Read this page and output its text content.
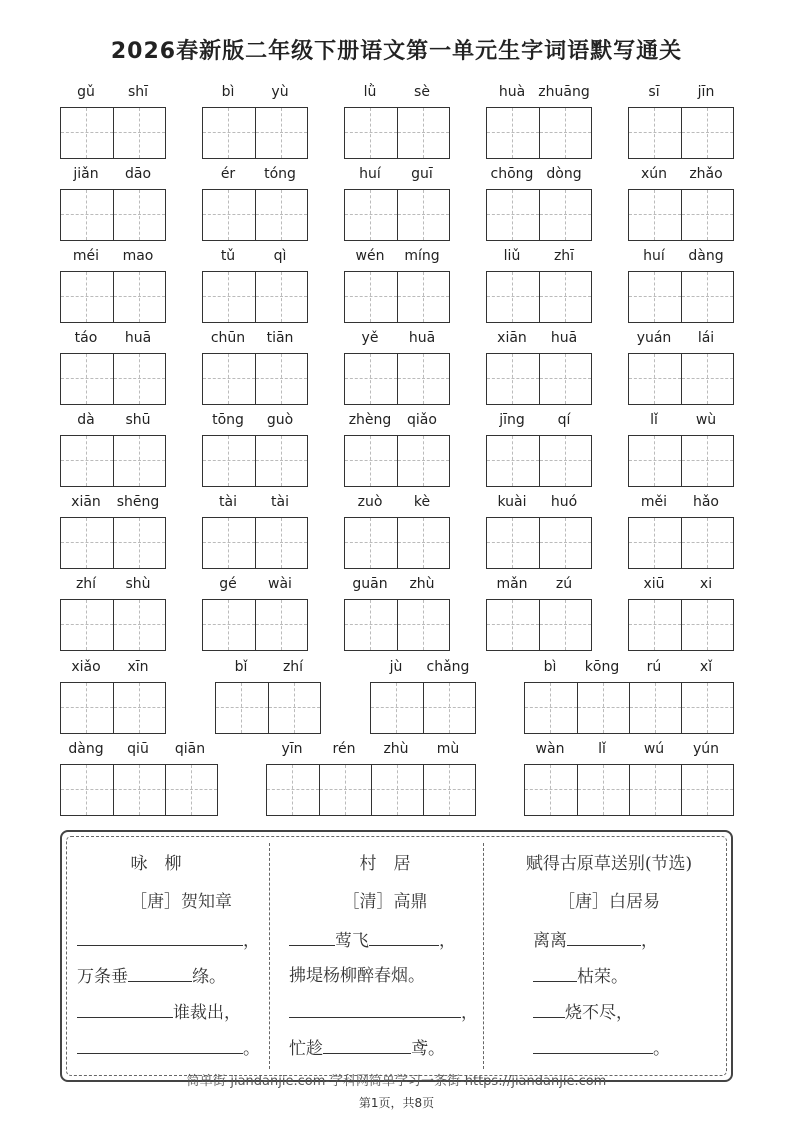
2026春新版二年级下册语文第一单元生字词语默写通关
gǔ	shī	bì	yù	lǜ	sè	huà zhuāng	sī	jīn
jiǎn	dāo	ér	tóng	huí	guī	chōng dòng	xún	zhǎo
méi	mao	tǔ	qì	wén	míng	liǔ	zhī	huí	dàng
táo	huā	chūn	tiān	yě	huā	xiān	huā	yuán	lái
dà	shū	tōng	guò	zhèng	qiǎo	jīng	qí	lǐ	wù
xiān	shēng	tài	tài	zuò	kè	kuài	huó	měi	hǎo
zhí	shù	gé	wài	guān	zhù	mǎn	zú	xiū	xi
xiǎo	xīn	bǐ	zhí	jù	chǎng	bì	kōng	rú	xǐ
dàng	qiū	qiān	yīn	rén	zhù	mù	wàn	lǐ	wú	yún
咏　柳
［唐］贺知章
，
万条垂	绦。
谁裁出，
。
村　居
［清］高鼎
莺飞	，
拂堤杨柳醉春烟。
，
忙趁	鸢。
赋得古原草送别(节选)
［唐］白居易
离离	，
枯荣。
烧不尽，
。
简单街-jiandanjie.com-学科网简单学习一条街-https://jiandanjie.com
第1页，共8页
